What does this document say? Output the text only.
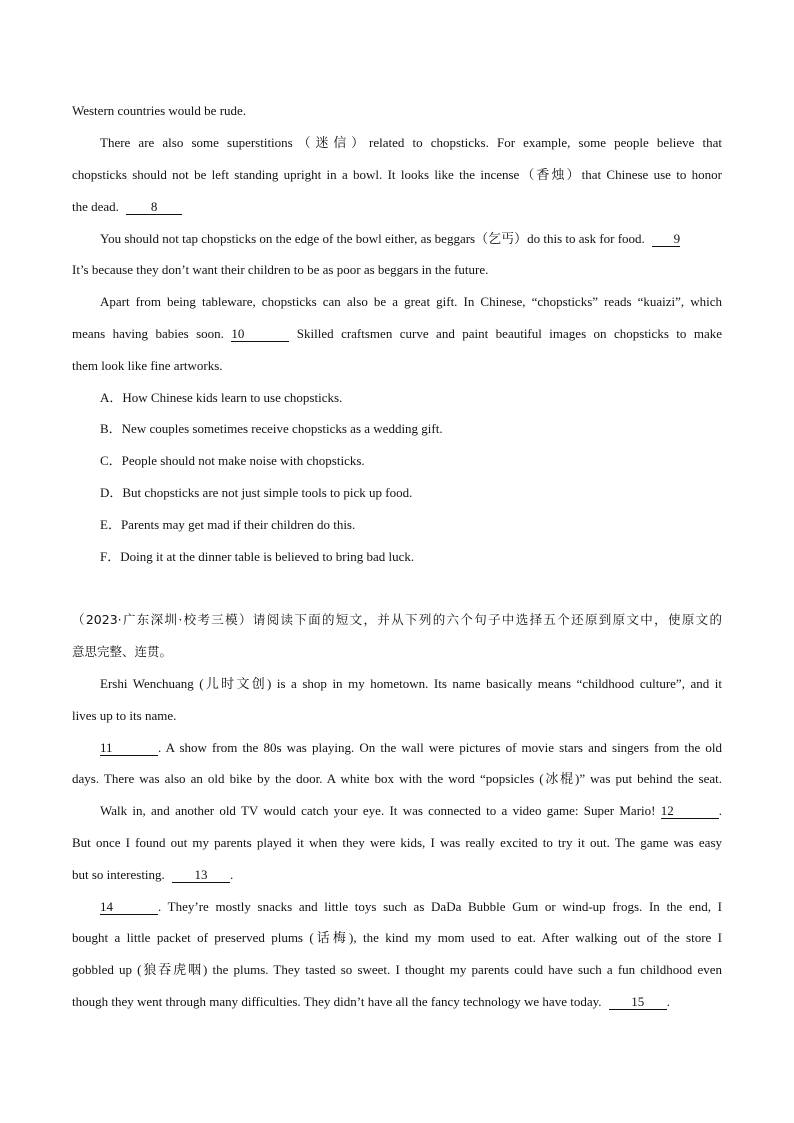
Western countries would be rude.
There are also some superstitions（迷信）related to chopsticks. For example, some people believe that
chopsticks should not be left standing upright in a bowl. It looks like the incense（香烛）that Chinese use to honor
the dead. 8
You should not tap chopsticks on the edge of the bowl either, as beggars（乞丐）do this to ask for food. 9
It’s because they don’t want their children to be as poor as beggars in the future.
Apart from being tableware, chopsticks can also be a great gift. In Chinese, “chopsticks” reads “kuaizi”, which
means having babies soon. 10	Skilled craftsmen curve and paint beautiful images on chopsticks to make
them look like fine artworks.
A．How Chinese kids learn to use chopsticks.
B．New couples sometimes receive chopsticks as a wedding gift.
C．People should not make noise with chopsticks.
D．But chopsticks are not just simple tools to pick up food.
E．Parents may get mad if their children do this.
F．Doing it at the dinner table is believed to bring bad luck.
（2023·广东深圳·校考三模）请阅读下面的短文，并从下列的六个句子中选择五个还原到原文中，使原文的
意思完整、连贯。
Ershi Wenchuang (儿时文创) is a shop in my hometown. Its name basically means “childhood culture”, and it
lives up to its name.
11	. A show from the 80s was playing. On the wall were pictures of movie stars and singers from the old
days. There was also an old bike by the door. A white box with the word “popsicles (冰棍)” was put behind the seat.
Walk in, and another old TV would catch your eye. It was connected to a video game: Super Mario! 12	.
But once I found out my parents played it when they were kids, I was really excited to try it out. The game was easy
but so interesting. 13 .
14	. They’re mostly snacks and little toys such as DaDa Bubble Gum or wind-up frogs. In the end, I
bought a little packet of preserved plums (话梅), the kind my mom used to eat. After walking out of the store I
gobbled up (狼吞虎咽) the plums. They tasted so sweet. I thought my parents could have such a fun childhood even
though they went through many difficulties. They didn’t have all the fancy technology we have today. 15 .
